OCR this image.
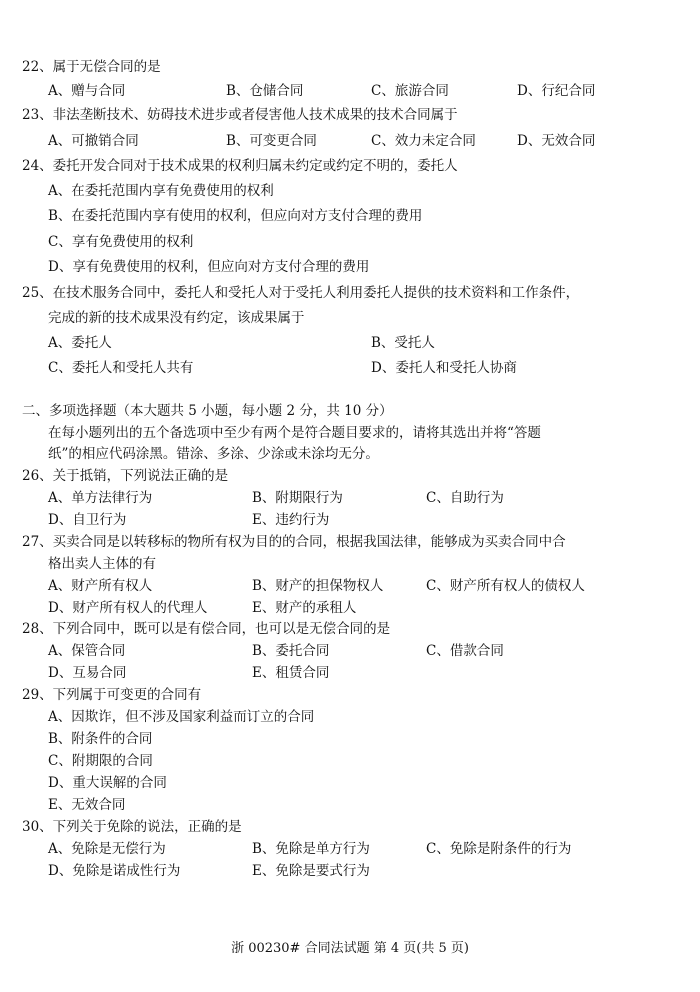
22、属于无偿合同的是
A、赠与合同	B、仓储合同	C、旅游合同	D、行纪合同
23、非法垄断技术、妨碍技术进步或者侵害他人技术成果的技术合同属于
A、可撤销合同	B、可变更合同	C、效力未定合同	D、无效合同
24、委托开发合同对于技术成果的权利归属未约定或约定不明的，委托人
A、在委托范围内享有免费使用的权利
B、在委托范围内享有使用的权利，但应向对方支付合理的费用
C、享有免费使用的权利
D、享有免费使用的权利，但应向对方支付合理的费用
25、在技术服务合同中，委托人和受托人对于受托人利用委托人提供的技术资料和工作条件，
完成的新的技术成果没有约定，该成果属于
A、委托人	B、受托人
C、委托人和受托人共有	D、委托人和受托人协商
二、多项选择题（本大题共 5 小题，每小题 2 分，共 10 分）
在每小题列出的五个备选项中至少有两个是符合题目要求的，请将其选出并将“答题
纸”的相应代码涂黑。错涂、多涂、少涂或未涂均无分。
26、关于抵销，下列说法正确的是
A、单方法律行为	B、附期限行为	C、自助行为
D、自卫行为	E、违约行为
27、买卖合同是以转移标的物所有权为目的的合同，根据我国法律，能够成为买卖合同中合
格出卖人主体的有
A、财产所有权人	B、财产的担保物权人	C、财产所有权人的债权人
D、财产所有权人的代理人	E、财产的承租人
28、下列合同中，既可以是有偿合同，也可以是无偿合同的是
A、保管合同	B、委托合同	C、借款合同
D、互易合同	E、租赁合同
29、下列属于可变更的合同有
A、因欺诈，但不涉及国家利益而订立的合同
B、附条件的合同
C、附期限的合同
D、重大误解的合同
E、无效合同
30、下列关于免除的说法，正确的是
A、免除是无偿行为	B、免除是单方行为	C、免除是附条件的行为
D、免除是诺成性行为	E、免除是要式行为
浙 00230# 合同法试题 第 4 页(共 5 页)
